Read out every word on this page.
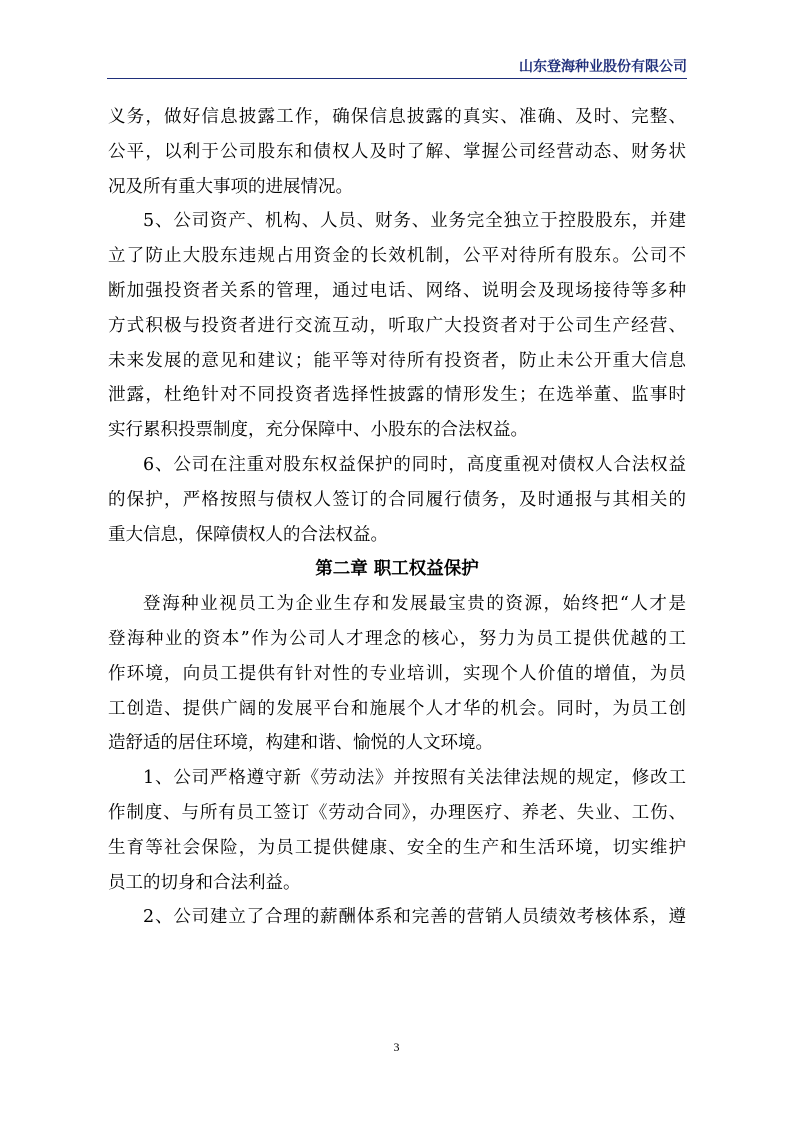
山东登海种业股份有限公司
义务，做好信息披露工作，确保信息披露的真实、准确、及时、完整、
公平，以利于公司股东和债权人及时了解、掌握公司经营动态、财务状
况及所有重大事项的进展情况。
5、公司资产、机构、人员、财务、业务完全独立于控股股东，并建
立了防止大股东违规占用资金的长效机制，公平对待所有股东。公司不
断加强投资者关系的管理，通过电话、网络、说明会及现场接待等多种
方式积极与投资者进行交流互动，听取广大投资者对于公司生产经营、
未来发展的意见和建议；能平等对待所有投资者，防止未公开重大信息
泄露，杜绝针对不同投资者选择性披露的情形发生；在选举董、监事时
实行累积投票制度，充分保障中、小股东的合法权益。
6、公司在注重对股东权益保护的同时，高度重视对债权人合法权益
的保护，严格按照与债权人签订的合同履行债务，及时通报与其相关的
重大信息，保障债权人的合法权益。
第二章 职工权益保护
登海种业视员工为企业生存和发展最宝贵的资源，始终把“人才是
登海种业的资本”作为公司人才理念的核心，努力为员工提供优越的工
作环境，向员工提供有针对性的专业培训，实现个人价值的增值，为员
工创造、提供广阔的发展平台和施展个人才华的机会。同时，为员工创
造舒适的居住环境，构建和谐、愉悦的人文环境。
1、公司严格遵守新《劳动法》并按照有关法律法规的规定，修改工
作制度、与所有员工签订《劳动合同》，办理医疗、养老、失业、工伤、
生育等社会保险，为员工提供健康、安全的生产和生活环境，切实维护
员工的切身和合法利益。
2、公司建立了合理的薪酬体系和完善的营销人员绩效考核体系，遵
3
